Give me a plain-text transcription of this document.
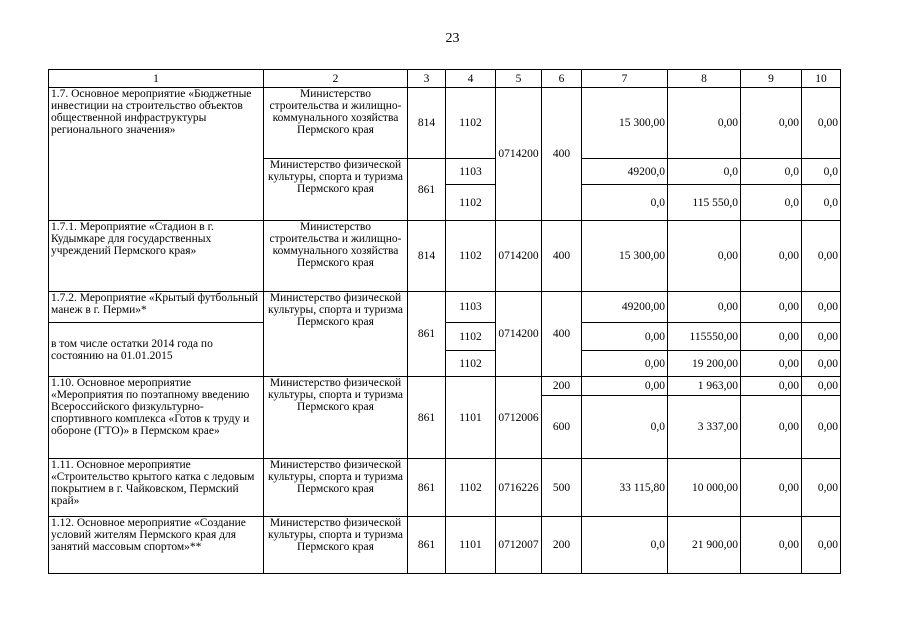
23
1	2	3	4	5	6	7	8	9	10
1.7. Основное мероприятие «Бюджетные инвестиции на строительство объектов общественной инфраструктуры регионального значения»	Министерство строительства и жилищно-коммунального хозяйства Пермского края	814	1102	0714200	400	15 300,00	0,00	0,00	0,00
	Министерство физической культуры, спорта и туризма Пермского края	861	1103			49200,0	0,0	0,0	0,0
			1102			0,0	115 550,0	0,0	0,0
1.7.1. Мероприятие «Стадион в г. Кудымкаре для государственных учреждений Пермского края»	Министерство строительства и жилищно-коммунального хозяйства Пермского края	814	1102	0714200	400	15 300,00	0,00	0,00	0,00
1.7.2. Мероприятие «Крытый футбольный манеж в г. Перми»*	Министерство физической культуры, спорта и туризма Пермского края	861	1103	0714200	400	49200,00	0,00	0,00	0,00
в том числе остатки 2014 года по состоянию на 01.01.2015			1102			0,00	115550,00	0,00	0,00
			1102			0,00	19 200,00	0,00	0,00
1.10. Основное мероприятие «Мероприятия по поэтапному введению Всероссийского физкультурно-спортивного комплекса «Готов к труду и обороне (ГТО)» в Пермском крае»	Министерство физической культуры, спорта и туризма Пермского края	861	1101	0712006	200	0,00	1 963,00	0,00	0,00
					600	0,0	3 337,00	0,00	0,00
1.11. Основное мероприятие «Строительство крытого катка с ледовым покрытием в г. Чайковском, Пермский край»	Министерство физической культуры, спорта и туризма Пермского края	861	1102	0716226	500	33 115,80	10 000,00	0,00	0,00
1.12. Основное мероприятие «Создание условий жителям Пермского края для занятий массовым спортом»**	Министерство физической культуры, спорта и туризма Пермского края	861	1101	0712007	200	0,0	21 900,00	0,00	0,00
